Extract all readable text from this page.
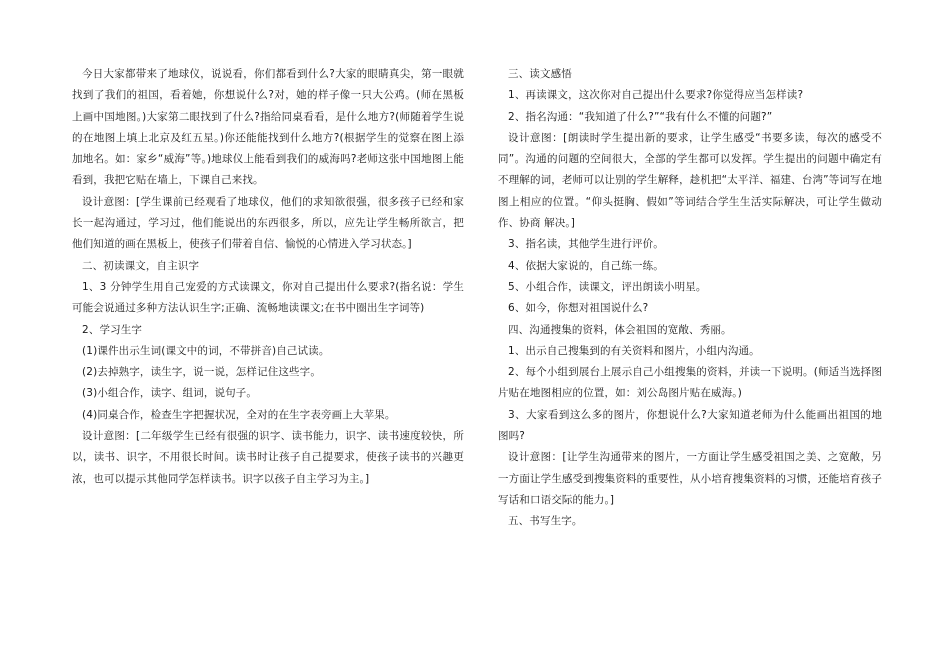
今日大家都带来了地球仪，说说看，你们都看到什么?大家的眼睛真尖，第一眼就找到了我们的祖国，看着她，你想说什么?对，她的样子像一只大公鸡。(师在黑板上画中国地图。)大家第二眼找到了什么?指给同桌看看，是什么地方?(师随着学生说的在地图上填上北京及红五星。)你还能能找到什么地方?(根据学生的觉察在图上添加地名。如：家乡“威海”等。)地球仪上能看到我们的威海吗?老师这张中国地图上能看到，我把它贴在墙上，下课自己来找。

设计意图：[学生课前已经观看了地球仪，他们的求知欲很强，很多孩子已经和家长一起沟通过，学习过，他们能说出的东西很多，所以，应先让学生畅所欲言，把他们知道的画在黑板上，使孩子们带着自信、愉悦的心情进入学习状态。]

二、初读课文，自主识字

1、3 分钟学生用自己宠爱的方式读课文，你对自己提出什么要求?(指名说：学生可能会说通过多种方法认识生字;正确、流畅地读课文;在书中圈出生字词等)

2、学习生字

(1)课件出示生词(课文中的词，不带拼音)自己试读。

(2)去掉熟字，读生字，说一说，怎样记住这些字。

(3)小组合作，读字、组词，说句子。

(4)同桌合作，检查生字把握状况，全对的在生字表旁画上大苹果。

设计意图：[二年级学生已经有很强的识字、读书能力，识字、读书速度较快，所以，读书、识字，不用很长时间。读书时让孩子自己提要求，使孩子读书的兴趣更浓，也可以提示其他同学怎样读书。识字以孩子自主学习为主。]

三、读文感悟

1、再读课文，这次你对自己提出什么要求?你觉得应当怎样读?

2、指名沟通：“我知道了什么?”“我有什么不懂的问题?”

设计意图：[朗读时学生提出新的要求，让学生感受“书要多读，每次的感受不同”。沟通的问题的空间很大，全部的学生都可以发挥。学生提出的问题中确定有不理解的词，老师可以让别的学生解释，趁机把“太平洋、福建、台湾”等词写在地图上相应的位置。“仰头挺胸、假如”等词结合学生生活实际解决，可让学生做动作、协商 解决。]

3、指名读，其他学生进行评价。

4、依据大家说的，自己练一练。

5、小组合作，读课文，评出朗读小明星。

6、如今，你想对祖国说什么?

四、沟通搜集的资料，体会祖国的宽敞、秀丽。

1、出示自己搜集到的有关资料和图片，小组内沟通。

2、每个小组到展台上展示自己小组搜集的资料，并读一下说明。(师适当选择图片贴在地图相应的位置，如：刘公岛图片贴在威海。)

3、大家看到这么多的图片，你想说什么?大家知道老师为什么能画出祖国的地图吗?

设计意图：[让学生沟通带来的图片，一方面让学生感受祖国之美、之宽敞，另一方面让学生感受到搜集资料的重要性，从小培育搜集资料的习惯，还能培育孩子写话和口语交际的能力。]

五、书写生字。
